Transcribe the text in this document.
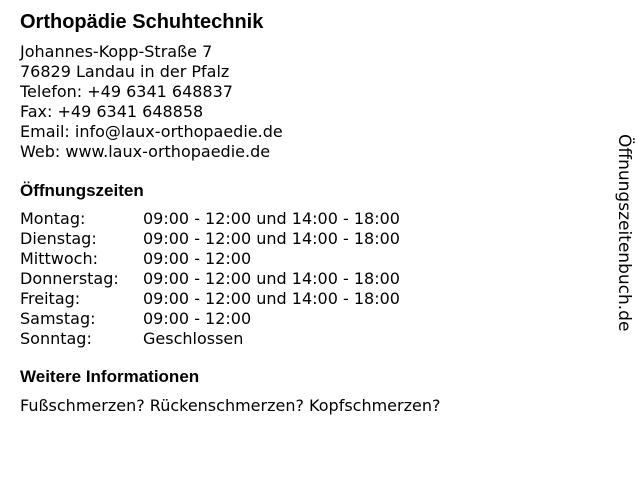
Orthopädie Schuhtechnik
Johannes-Kopp-Straße 7
76829 Landau in der Pfalz
Telefon: +49 6341 648837
Fax: +49 6341 648858
Email: info@laux-orthopaedie.de
Web: www.laux-orthopaedie.de
Öffnungszeiten
Montag:	09:00 - 12:00 und 14:00 - 18:00
Dienstag:	09:00 - 12:00 und 14:00 - 18:00
Mittwoch:	09:00 - 12:00
Donnerstag:	09:00 - 12:00 und 14:00 - 18:00
Freitag:	09:00 - 12:00 und 14:00 - 18:00
Samstag:	09:00 - 12:00
Sonntag:	Geschlossen
Weitere Informationen
Fußschmerzen? Rückenschmerzen? Kopfschmerzen?
Öffnungszeitenbuch.de
